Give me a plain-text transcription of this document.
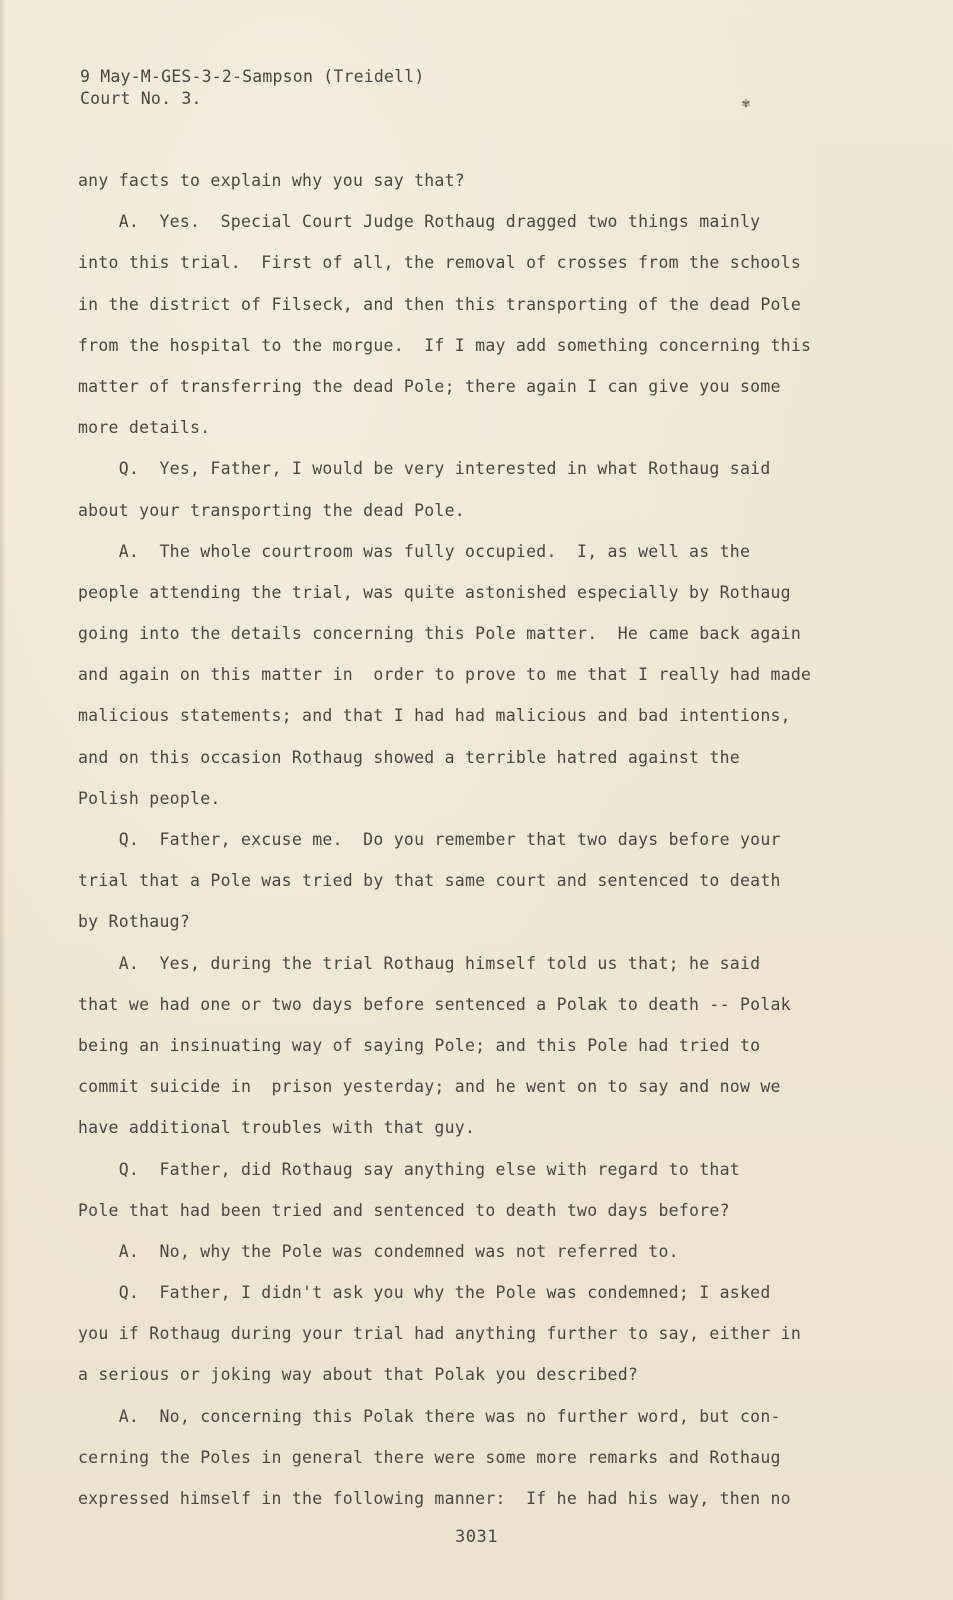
9 May-M-GES-3-2-Sampson (Treidell)
Court No. 3.	✾
any facts to explain why you say that?
A.  Yes.  Special Court Judge Rothaug dragged two things mainly
into this trial.  First of all, the removal of crosses from the schools
in the district of Filseck, and then this transporting of the dead Pole
from the hospital to the morgue.  If I may add something concerning this
matter of transferring the dead Pole; there again I can give you some
more details.
Q.  Yes, Father, I would be very interested in what Rothaug said
about your transporting the dead Pole.
A.  The whole courtroom was fully occupied.  I, as well as the
people attending the trial, was quite astonished especially by Rothaug
going into the details concerning this Pole matter.  He came back again
and again on this matter in  order to prove to me that I really had made
malicious statements; and that I had had malicious and bad intentions,
and on this occasion Rothaug showed a terrible hatred against the
Polish people.
Q.  Father, excuse me.  Do you remember that two days before your
trial that a Pole was tried by that same court and sentenced to death
by Rothaug?
A.  Yes, during the trial Rothaug himself told us that; he said
that we had one or two days before sentenced a Polak to death -- Polak
being an insinuating way of saying Pole; and this Pole had tried to
commit suicide in  prison yesterday; and he went on to say and now we
have additional troubles with that guy.
Q.  Father, did Rothaug say anything else with regard to that
Pole that had been tried and sentenced to death two days before?
A.  No, why the Pole was condemned was not referred to.
Q.  Father, I didn't ask you why the Pole was condemned; I asked
you if Rothaug during your trial had anything further to say, either in
a serious or joking way about that Polak you described?
A.  No, concerning this Polak there was no further word, but con-
cerning the Poles in general there were some more remarks and Rothaug
expressed himself in the following manner:  If he had his way, then no
3031
